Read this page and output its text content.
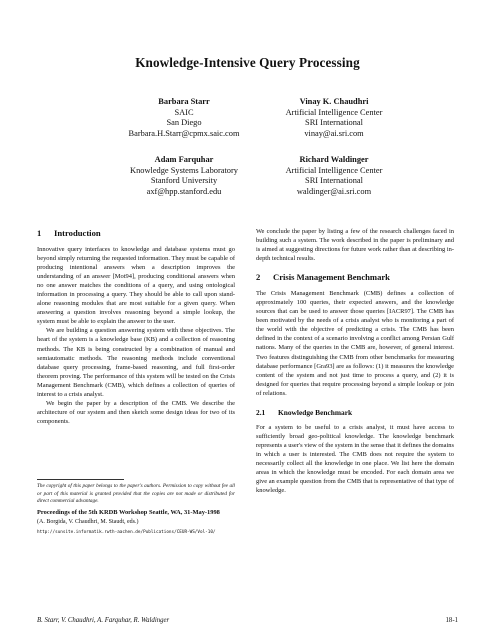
Knowledge-Intensive Query Processing
Barbara Starr
SAIC
San Diego
Barbara.H.Starr@cpmx.saic.com
Vinay K. Chaudhri
Artificial Intelligence Center
SRI International
vinay@ai.sri.com
Adam Farquhar
Knowledge Systems Laboratory
Stanford University
axf@hpp.stanford.edu
Richard Waldinger
Artificial Intelligence Center
SRI International
waldinger@ai.sri.com
1 Introduction

Innovative query interfaces to knowledge and database systems must go beyond simply returning the requested information. They must be capable of producing intentional answers when a description improves the understanding of an answer [Mot94], producing conditional answers when no one answer matches the conditions of a query, and using ontological information in processing a query. They should be able to call upon stand-alone reasoning modules that are most suitable for a given query. When answering a question involves reasoning beyond a simple lookup, the system must be able to explain the answer to the user.

We are building a question answering system with these objectives. The heart of the system is a knowledge base (KB) and a collection of reasoning methods. The KB is being constructed by a combination of manual and semiautomatic methods. The reasoning methods include conventional database query processing, frame-based reasoning, and full first-order theorem proving. The performance of this system will be tested on the Crisis Management Benchmark (CMB), which defines a collection of queries of interest to a crisis analyst.

We begin the paper by a description of the CMB. We describe the architecture of our system and then sketch some design ideas for two of its components.

The copyright of this paper belongs to the paper's authors. Permission to copy without fee all or part of this material is granted provided that the copies are not made or distributed for direct commercial advantage.
Proceedings of the 5th KRDB Workshop Seattle, WA, 31-May-1998
(A. Borgida, V. Chaudhri, M. Staudt, eds.)
http://sunsite.informatik.rwth-aachen.de/Publications/CEUR-WS/Vol-10/

We conclude the paper by listing a few of the research challenges faced in building such a system. The work described in the paper is preliminary and is aimed at suggesting directions for future work rather than at describing in-depth technical results.

2 Crisis Management Benchmark

The Crisis Management Benchmark (CMB) defines a collection of approximately 100 queries, their expected answers, and the knowledge sources that can be used to answer those queries [IACR97]. The CMB has been motivated by the needs of a crisis analyst who is monitoring a part of the world with the objective of predicting a crisis. The CMB has been defined in the context of a scenario involving a conflict among Persian Gulf nations. Many of the queries in the CMB are, however, of general interest. Two features distinguishing the CMB from other benchmarks for measuring database performance [Gra93] are as follows: (1) it measures the knowledge content of the system and not just time to process a query, and (2) it is designed for queries that require processing beyond a simple lookup or join of relations.

2.1 Knowledge Benchmark

For a system to be useful to a crisis analyst, it must have access to sufficiently broad geo-political knowledge. The knowledge benchmark represents a user's view of the system in the sense that it defines the domains in which a user is interested. The CMB does not require the system to necessarily collect all the knowledge in one place. We list here the domain areas in which the knowledge must be encoded. For each domain area we give an example question from the CMB that is representative of that type of knowledge.

B. Starr, V. Chaudhri, A. Farquhar, R. Waldinger	18-1
